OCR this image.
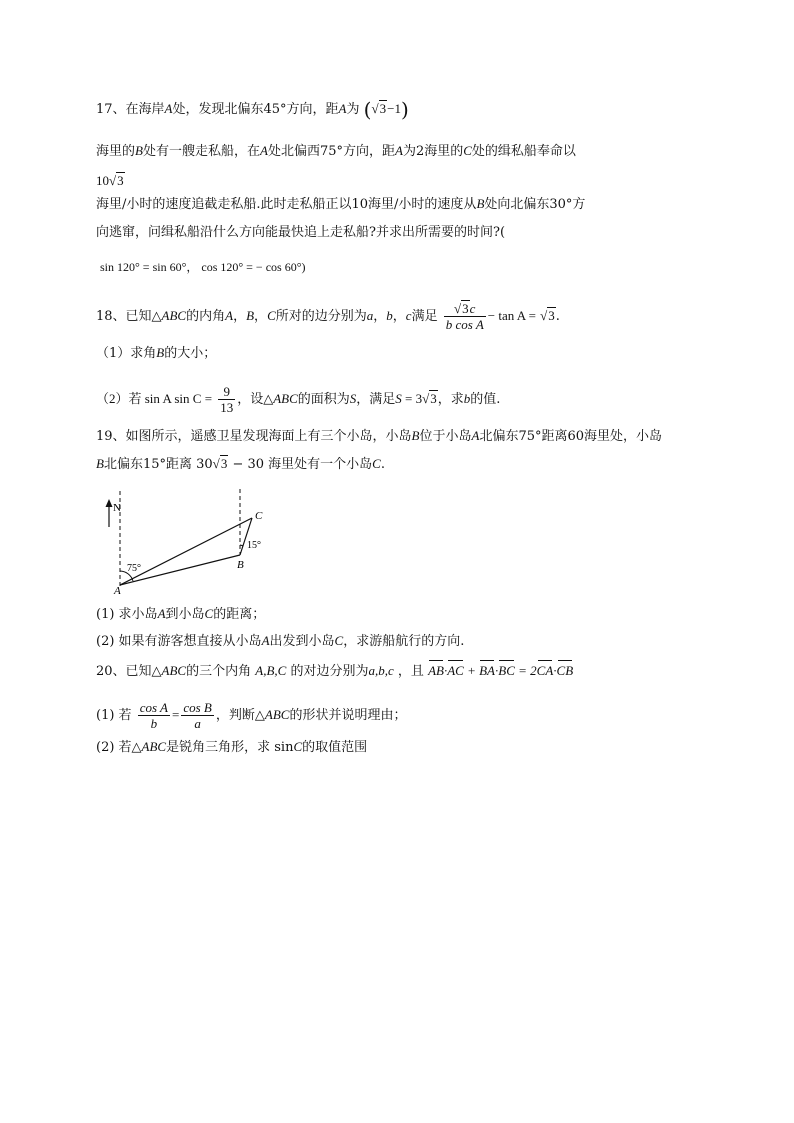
17、在海岸A处，发现北偏东45°方向，距A为 (√3−1)
海里的B处有一艘走私船，在A处北偏西75°方向，距A为2海里的C处的缉私船奉命以
10√3
海里/小时的速度追截走私船.此时走私船正以10海里/小时的速度从B处向北偏东30°方
向逃窜，问缉私船沿什么方向能最快追上走私船?并求出所需要的时间?(
sin 120° = sin 60°， cos 120° = − cos 60°)
18、已知△ABC的内角A，B，C所对的边分别为a，b，c满足 $\frac{√3c}{\text{b cos A}} - \tan A = √3$.
（1）求角B的大小；
（2）若 sin A $\sin C = \frac{9}{13}$ ，设△ABC的面积为S，满足S = 3√3，求b的值.
19、如图所示，遥感卫星发现海面上有三个小岛，小岛B位于小岛A北偏东75°距离60海里处，小岛
B北偏东15°距离 30√3 − 30 海里处有一个小岛C.
N
C
B
A
75°
15°
(1) 求小岛A到小岛C的距离；
(2) 如果有游客想直接从小岛A出发到小岛C，求游船航行的方向.
20、已知△ABC的三个内角 A,B,C 的对边分别为a,b,c ，且 AB·AC + BA·BC = 2CA·CB
(1) 若 $\frac{\text{cos A}}{b} = \frac{\text{cos B}}{a}$ ，判断△ABC的形状并说明理由；
(2) 若△ABC是锐角三角形，求 sinC的取值范围
